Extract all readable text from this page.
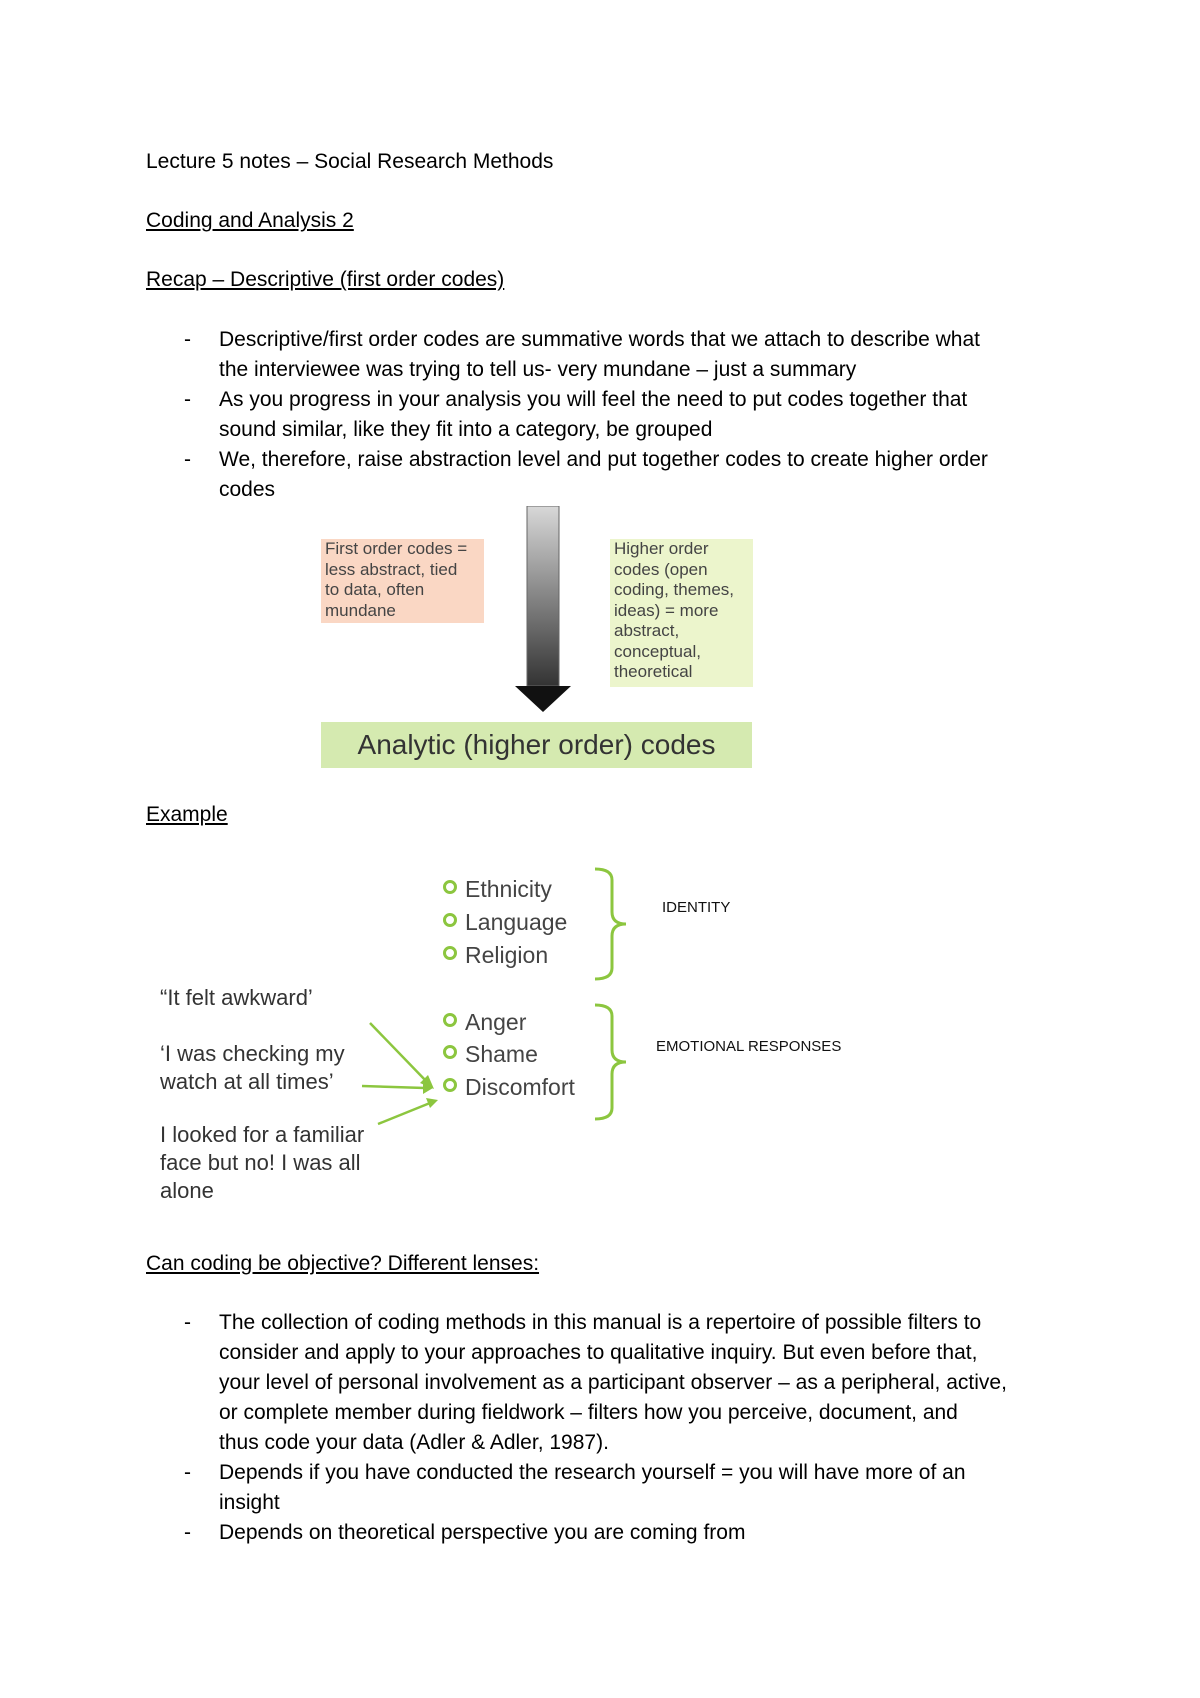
Lecture 5 notes – Social Research Methods
Coding and Analysis 2
Recap – Descriptive (first order codes)
- Descriptive/first order codes are summative words that we attach to describe what
the interviewee was trying to tell us- very mundane – just a summary
- As you progress in your analysis you will feel the need to put codes together that
sound similar, like they fit into a category, be grouped
- We, therefore, raise abstraction level and put together codes to create higher order
codes
First order codes =
less abstract, tied
to data, often
mundane
Higher order
codes (open
coding, themes,
ideas) = more
abstract,
conceptual,
theoretical
Analytic (higher order) codes
Example
Ethnicity
Language
Religion
IDENTITY
Anger
Shame
Discomfort
EMOTIONAL RESPONSES
“It felt awkward’
‘I was checking my
watch at all times’
I looked for a familiar
face but no! I was all
alone
Can coding be objective? Different lenses:
- The collection of coding methods in this manual is a repertoire of possible filters to
consider and apply to your approaches to qualitative inquiry. But even before that,
your level of personal involvement as a participant observer – as a peripheral, active,
or complete member during fieldwork – filters how you perceive, document, and
thus code your data (Adler & Adler, 1987).
- Depends if you have conducted the research yourself = you will have more of an
insight
- Depends on theoretical perspective you are coming from
